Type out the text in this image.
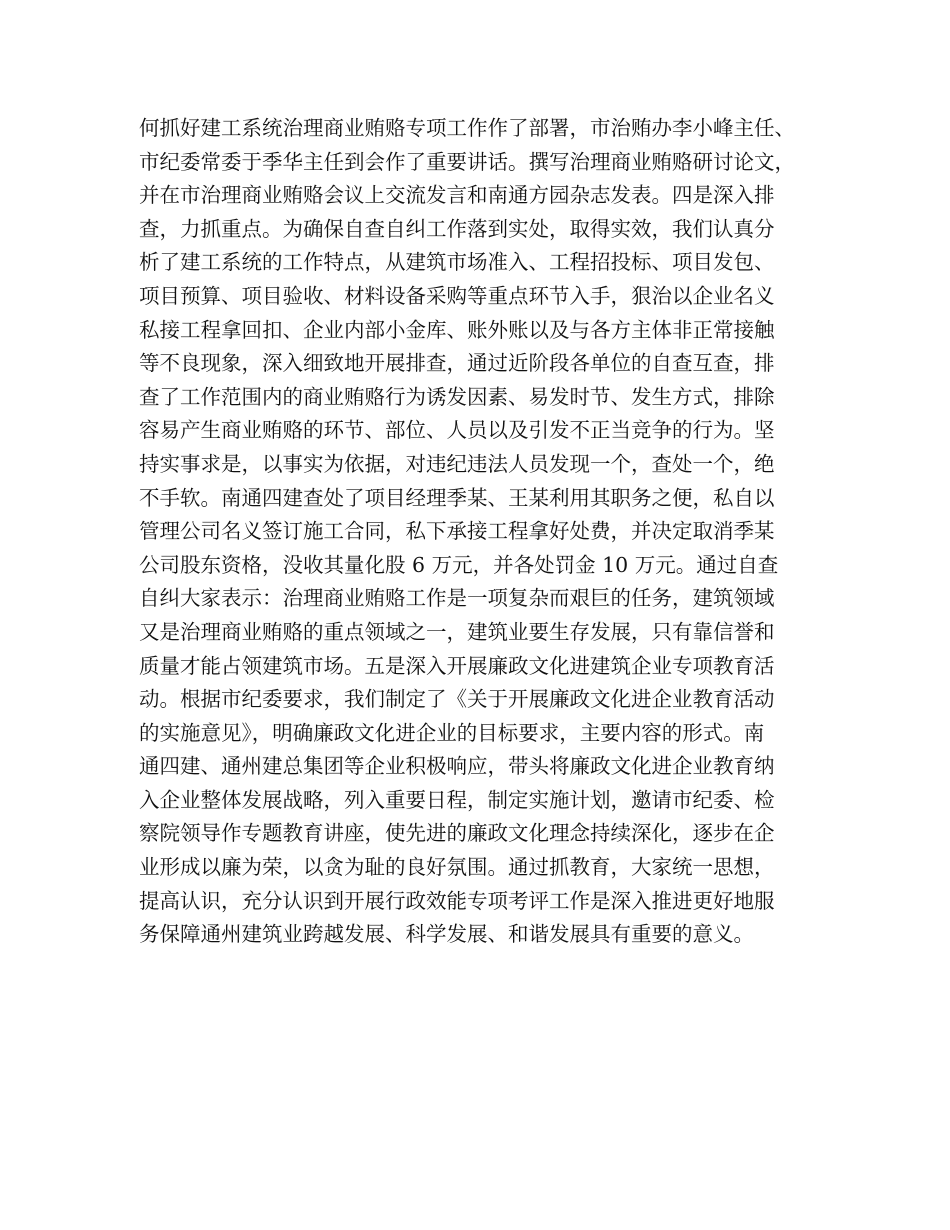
何抓好建工系统治理商业贿赂专项工作作了部署，市治贿办李小峰主任、
市纪委常委于季华主任到会作了重要讲话。撰写治理商业贿赂研讨论文，
并在市治理商业贿赂会议上交流发言和南通方园杂志发表。四是深入排
查，力抓重点。为确保自查自纠工作落到实处，取得实效，我们认真分
析了建工系统的工作特点，从建筑市场准入、工程招投标、项目发包、
项目预算、项目验收、材料设备采购等重点环节入手，狠治以企业名义
私接工程拿回扣、企业内部小金库、账外账以及与各方主体非正常接触
等不良现象，深入细致地开展排查，通过近阶段各单位的自查互查，排
查了工作范围内的商业贿赂行为诱发因素、易发时节、发生方式，排除
容易产生商业贿赂的环节、部位、人员以及引发不正当竞争的行为。坚
持实事求是，以事实为依据，对违纪违法人员发现一个，查处一个，绝
不手软。南通四建查处了项目经理季某、王某利用其职务之便，私自以
管理公司名义签订施工合同，私下承接工程拿好处费，并决定取消季某
公司股东资格，没收其量化股 6 万元，并各处罚金 10 万元。通过自查
自纠大家表示：治理商业贿赂工作是一项复杂而艰巨的任务，建筑领域
又是治理商业贿赂的重点领域之一，建筑业要生存发展，只有靠信誉和
质量才能占领建筑市场。五是深入开展廉政文化进建筑企业专项教育活
动。根据市纪委要求，我们制定了《关于开展廉政文化进企业教育活动
的实施意见》，明确廉政文化进企业的目标要求，主要内容的形式。南
通四建、通州建总集团等企业积极响应，带头将廉政文化进企业教育纳
入企业整体发展战略，列入重要日程，制定实施计划，邀请市纪委、检
察院领导作专题教育讲座，使先进的廉政文化理念持续深化，逐步在企
业形成以廉为荣，以贪为耻的良好氛围。通过抓教育，大家统一思想，
提高认识，充分认识到开展行政效能专项考评工作是深入推进更好地服
务保障通州建筑业跨越发展、科学发展、和谐发展具有重要的意义。
